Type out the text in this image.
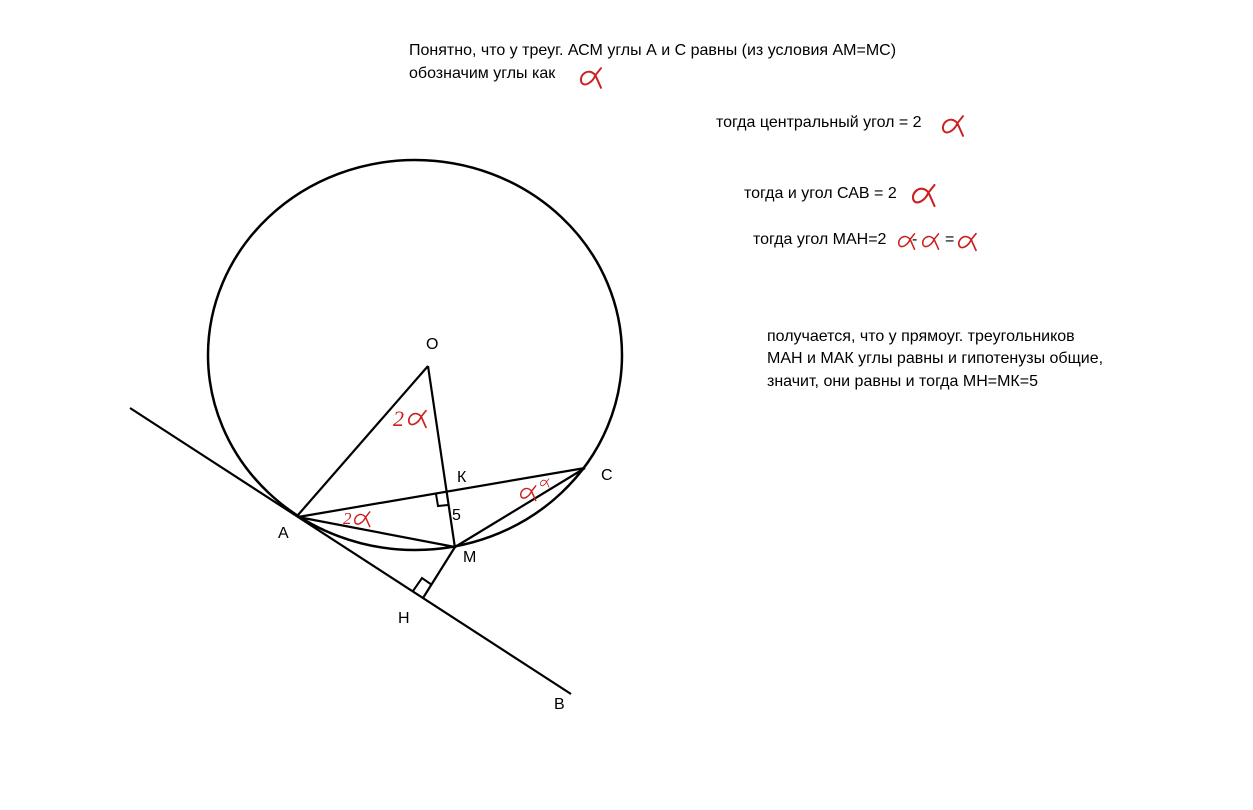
O
К	С
А
5
М
Н
В
2
2
Понятно, что у треуг. АСМ углы А и С равны (из условия АМ=МС)
обозначим углы как
тогда центральный угол = 2
тогда и угол САВ = 2
тогда угол МАН=2 - =
получается, что у прямоуг. треугольников
МАН и МАК углы равны и гипотенузы общие,
значит, они равны и тогда МН=МК=5
